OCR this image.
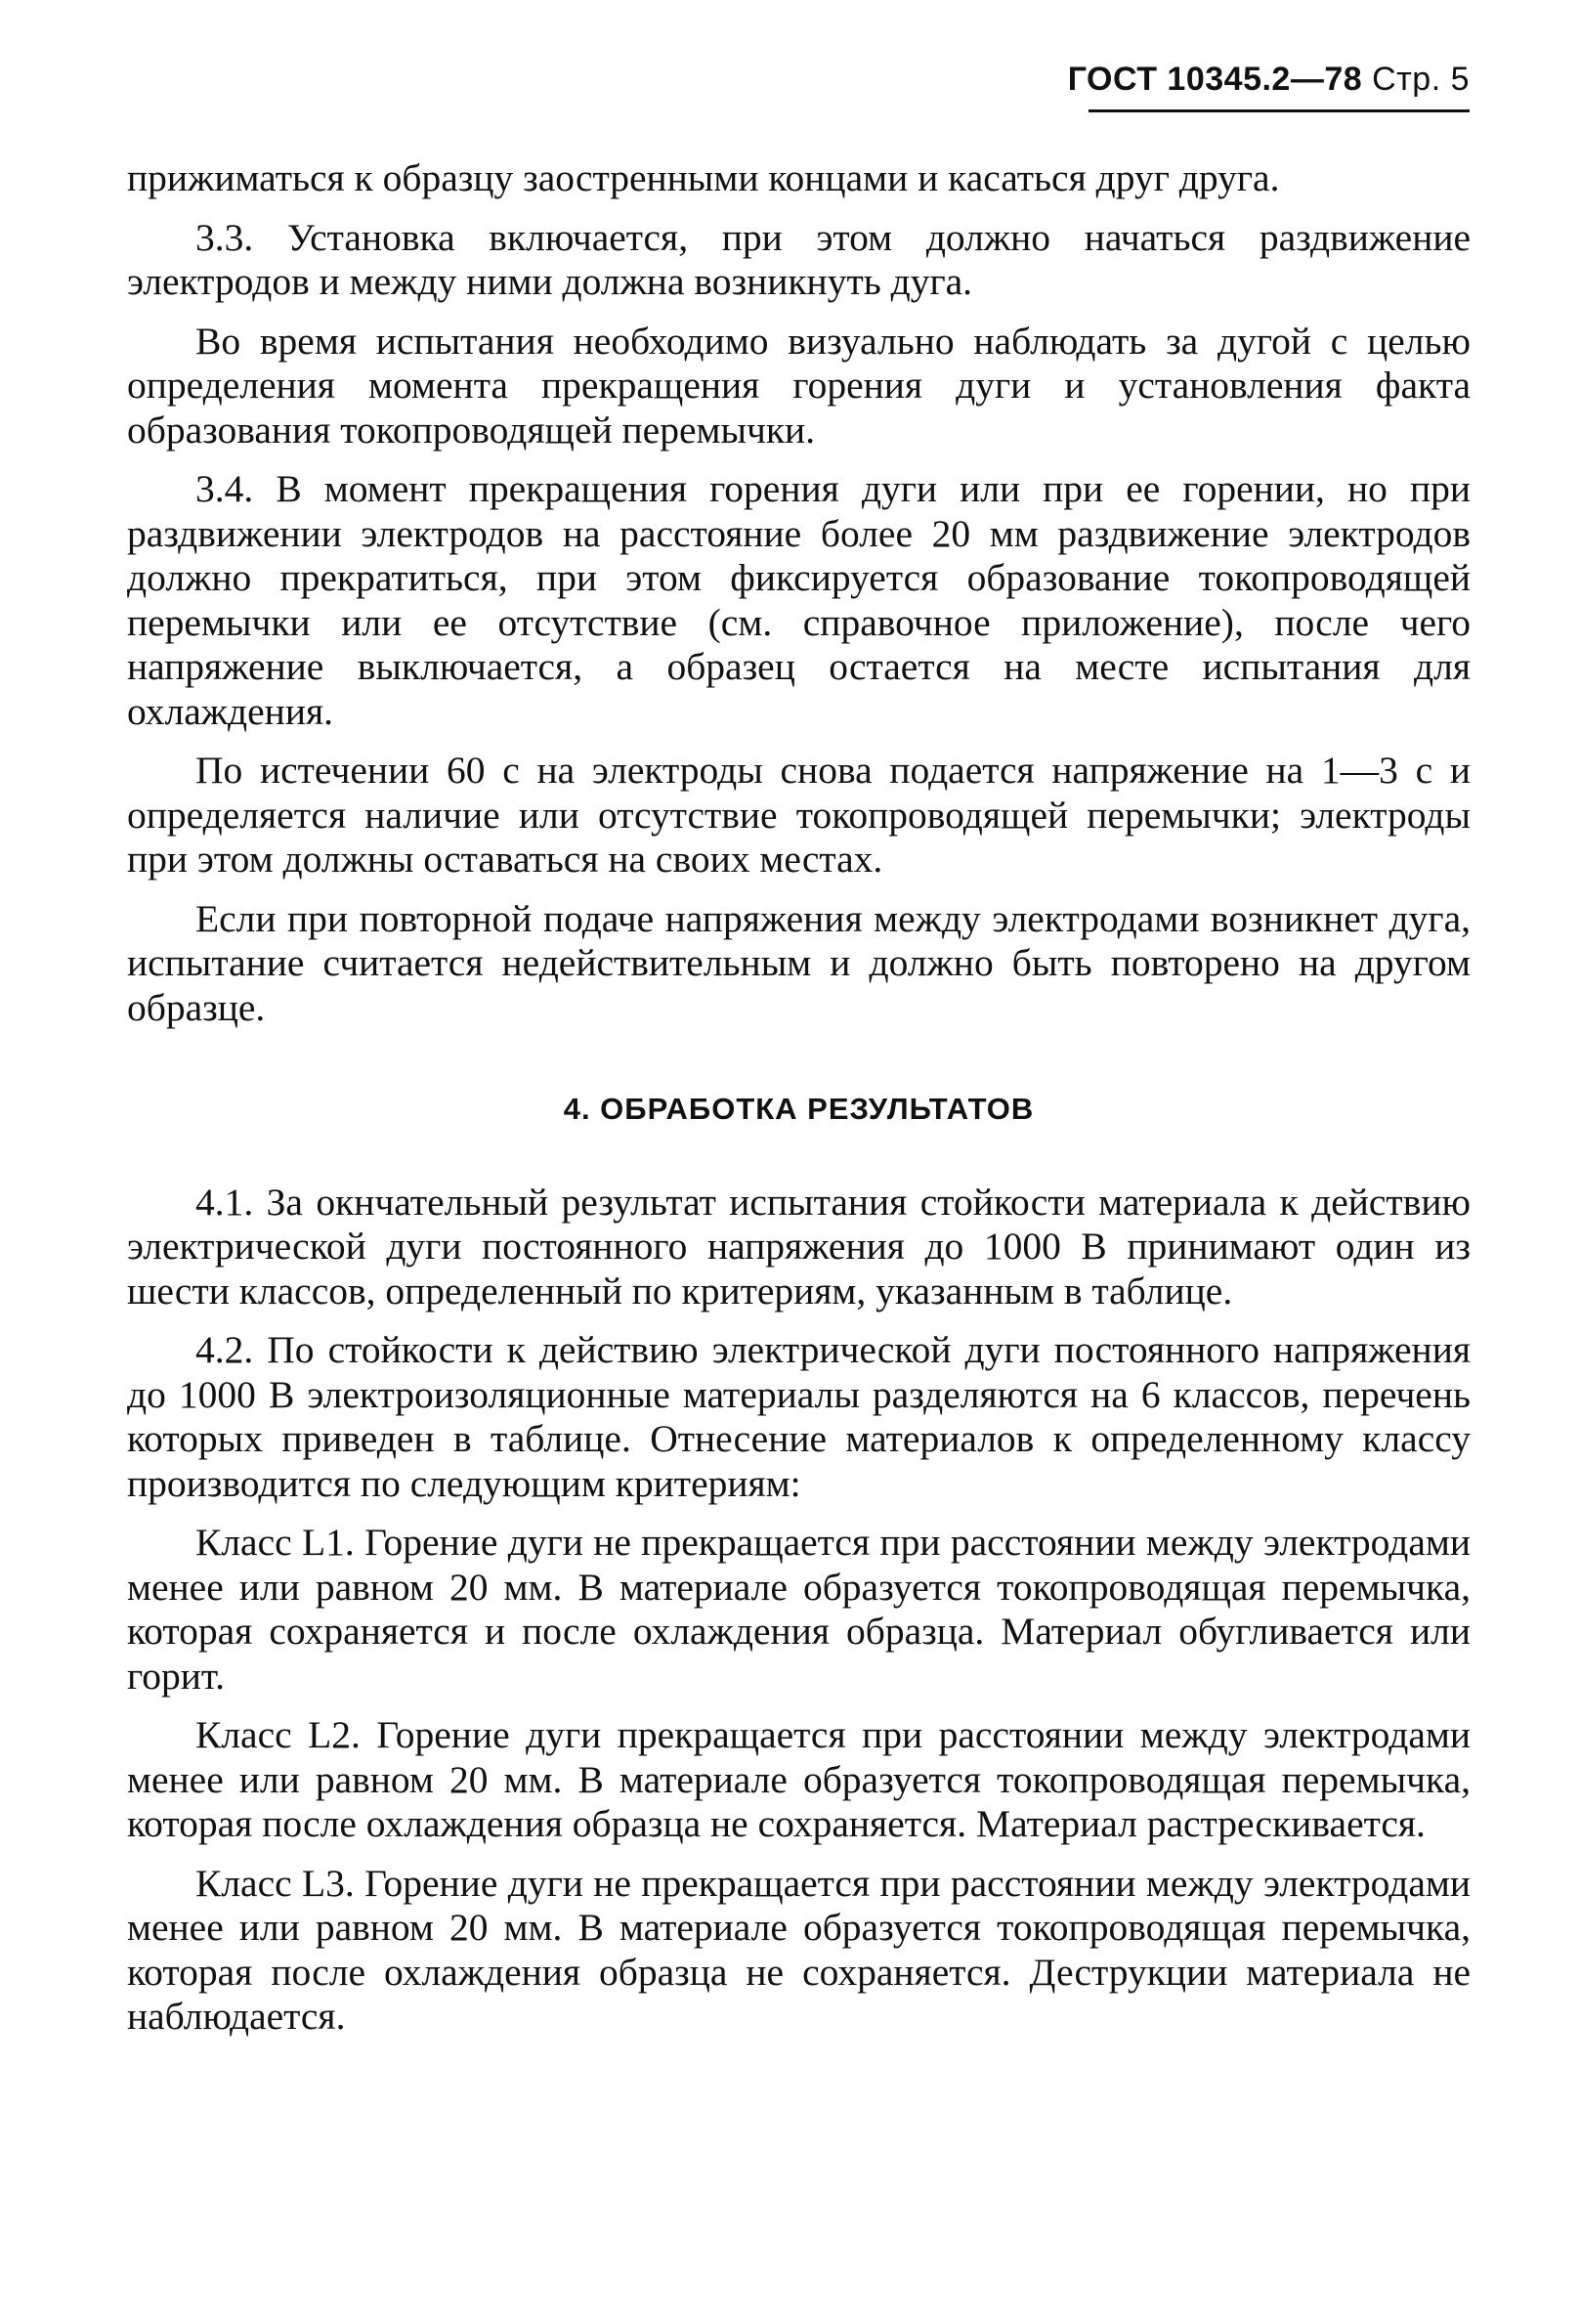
ГОСТ 10345.2—78 Стр. 5

прижиматься к образцу заостренными концами и касаться друг друга.

3.3. Установка включается, при этом должно начаться раздвижение электродов и между ними должна возникнуть дуга.

Во время испытания необходимо визуально наблюдать за дугой с целью определения момента прекращения горения дуги и установления факта образования токопроводящей перемычки.

3.4. В момент прекращения горения дуги или при ее горении, но при раздвижении электродов на расстояние более 20 мм раздвижение электродов должно прекратиться, при этом фиксируется образование токопроводящей перемычки или ее отсутствие (см. справочное приложение), после чего напряжение выключается, а образец остается на месте испытания для охлаждения.

По истечении 60 с на электроды снова подается напряжение на 1—3 с и определяется наличие или отсутствие токопроводящей перемычки; электроды при этом должны оставаться на своих местах.

Если при повторной подаче напряжения между электродами возникнет дуга, испытание считается недействительным и должно быть повторено на другом образце.

4. ОБРАБОТКА РЕЗУЛЬТАТОВ

4.1. За окнчательный результат испытания стойкости материала к действию электрической дуги постоянного напряжения до 1000 В принимают один из шести классов, определенный по критериям, указанным в таблице.

4.2. По стойкости к действию электрической дуги постоянного напряжения до 1000 В электроизоляционные материалы разделяются на 6 классов, перечень которых приведен в таблице. Отнесение материалов к определенному классу производится по следующим критериям:

Класс L1. Горение дуги не прекращается при расстоянии между электродами менее или равном 20 мм. В материале образуется токопроводящая перемычка, которая сохраняется и после охлаждения образца. Материал обугливается или горит.

Класс L2. Горение дуги прекращается при расстоянии между электродами менее или равном 20 мм. В материале образуется токопроводящая перемычка, которая после охлаждения образца не сохраняется. Материал растрескивается.

Класс L3. Горение дуги не прекращается при расстоянии между электродами менее или равном 20 мм. В материале образуется токопроводящая перемычка, которая после охлаждения образца не сохраняется. Деструкции материала не наблюдается.
